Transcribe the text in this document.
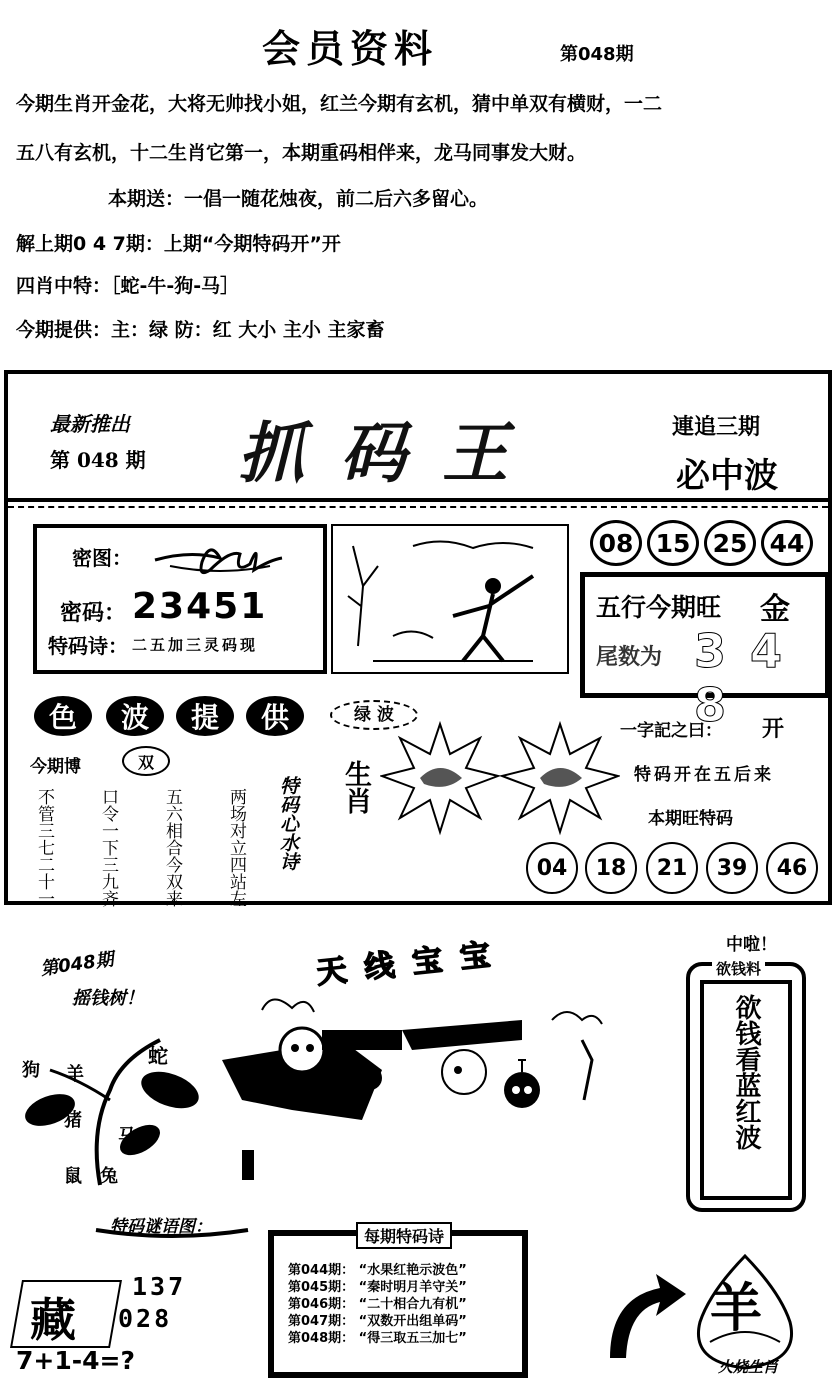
会员资料	第048期
今期生肖开金花，大将无帅找小姐，红兰今期有玄机，猜中单双有横财，一二
五八有玄机，十二生肖它第一，本期重码相伴来，龙马同事发大财。
本期送：一倡一随花烛夜，前二后六多留心。
解上期0 4 7期：上期“今期特码开”开
四肖中特：［蛇-牛-狗-马］
今期提供：主：绿 防：红 大小 主小 主家畜
最新推出
第 048 期 抓码王	連追三期
必中波
密图：
密码： 23451
特码诗： 二五加三灵码现
08 15 25 44
五行今期旺 金
尾数为 3 4 8
色	波	提	供
今期博	双
不管三七二十一	口令一下三九齐	五六相合今双来	两场对立四站左 特码心水诗
绿 波
生肖
一字記之曰： 开
特码开在五后来
本期旺特码
04	18	21	39	46
第048期
摇钱树！
狗 羊
蛇
猪
马
鼠 兔
天线宝宝	中啦！
欲钱料
欲钱看蓝红波
特码谜语图：
藏
137
028
7+1-4=?
每期特码诗
第044期： “水果红艳示波色”
第045期： “秦时明月羊守关”
第046期： “二十相合九有机”
第047期： “双数开出组单码”
第048期： “得三取五三加七”	羊
火烧生肖
